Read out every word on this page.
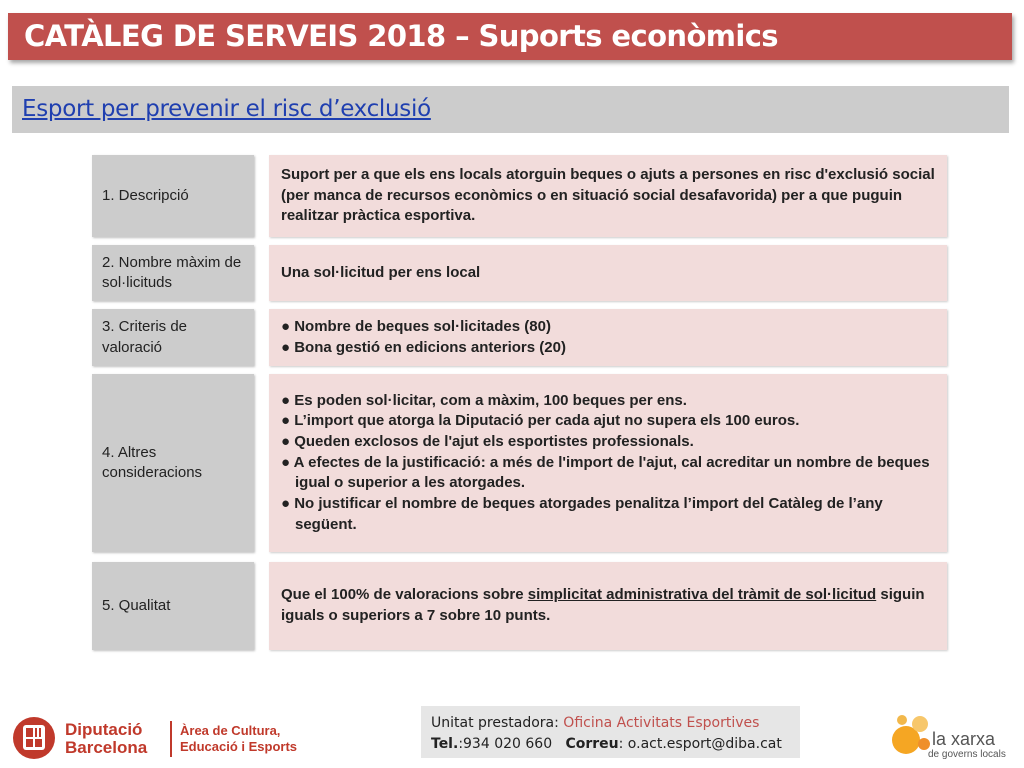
CATÀLEG DE SERVEIS 2018 – Suports econòmics
Esport per prevenir el risc d’exclusió
1. Descripció
Suport per a que els ens locals atorguin beques o ajuts a persones en risc d'exclusió social (per manca de recursos econòmics o en situació social desafavorida) per a que puguin realitzar pràctica esportiva.
2. Nombre màxim de sol·licituds
Una sol·licitud per ens local
3. Criteris de valoració
● Nombre de beques sol·licitades (80)
● Bona gestió en edicions anteriors (20)
4. Altres consideracions
● Es poden sol·licitar, com a màxim, 100 beques per ens.
● L’import que atorga la Diputació per cada ajut no supera els 100 euros.
● Queden exclosos de l'ajut els esportistes professionals.
● A efectes de la justificació: a més de l'import de l'ajut, cal acreditar un nombre de beques igual o superior a les atorgades.
● No justificar el nombre de beques atorgades penalitza l’import del Catàleg de l’any següent.
5. Qualitat
Que el 100% de valoracions sobre simplicitat administrativa del tràmit de sol·licitud siguin iguals o superiors a 7 sobre 10 punts.
Diputació
Barcelona
Àrea de Cultura,
Educació i Esports
Unitat prestadora: Oficina Activitats Esportives
Tel.:934 020 660 Correu: o.act.esport@diba.cat	la xarxa
de governs locals
